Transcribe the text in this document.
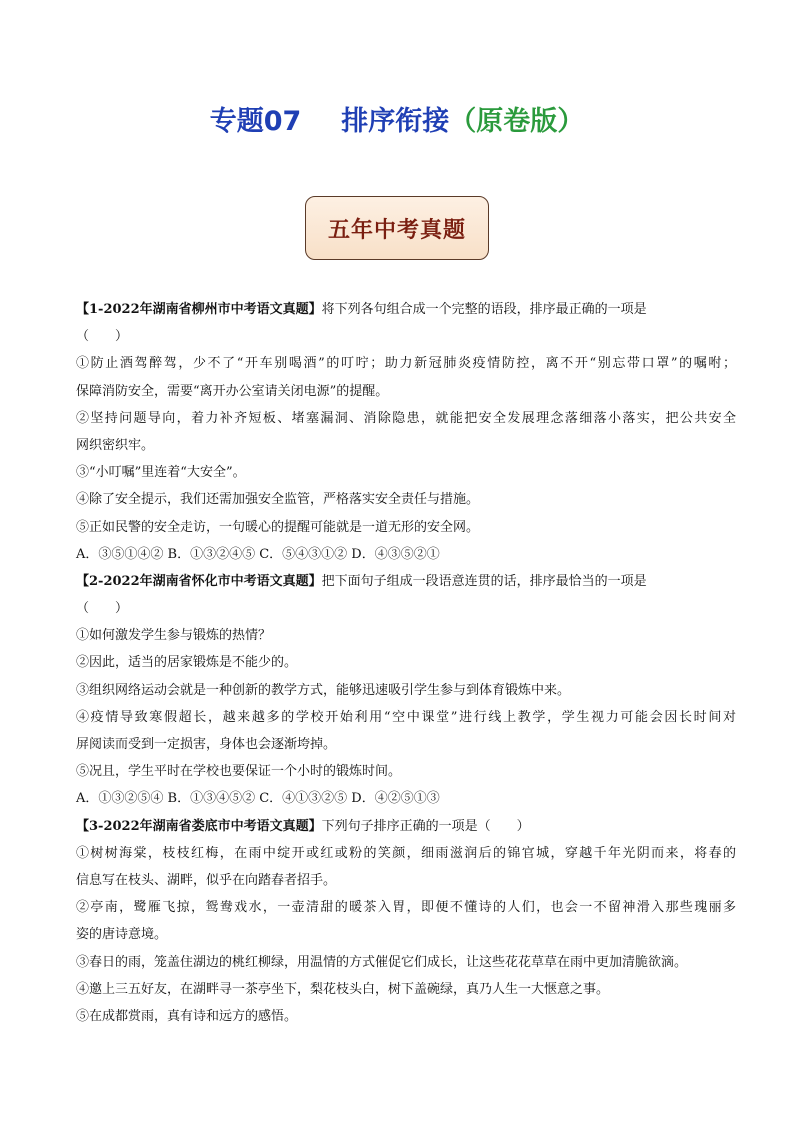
专题07 排序衔接（原卷版）
五年中考真题
【1-2022年湖南省柳州市中考语文真题】将下列各句组合成一个完整的语段，排序最正确的一项是
（　　）
①防止酒驾醉驾，少不了“开车别喝酒”的叮咛；助力新冠肺炎疫情防控，离不开“别忘带口罩”的嘱咐；
保障消防安全，需要“离开办公室请关闭电源”的提醒。
②坚持问题导向，着力补齐短板、堵塞漏洞、消除隐患，就能把安全发展理念落细落小落实，把公共安全
网织密织牢。
③“小叮嘱”里连着“大安全”。
④除了安全提示，我们还需加强安全监管，严格落实安全责任与措施。
⑤正如民警的安全走访，一句暖心的提醒可能就是一道无形的安全网。
A．③⑤①④② B．①③②④⑤ C．⑤④③①② D．④③⑤②①
【2-2022年湖南省怀化市中考语文真题】把下面句子组成一段语意连贯的话，排序最恰当的一项是
（　　）
①如何激发学生参与锻炼的热情？
②因此，适当的居家锻炼是不能少的。
③组织网络运动会就是一种创新的教学方式，能够迅速吸引学生参与到体育锻炼中来。
④疫情导致寒假超长，越来越多的学校开始利用“空中课堂”进行线上教学，学生视力可能会因长时间对
屏阅读而受到一定损害，身体也会逐渐垮掉。
⑤况且，学生平时在学校也要保证一个小时的锻炼时间。
A．①③②⑤④ B．①③④⑤② C．④①③②⑤ D．④②⑤①③
【3-2022年湖南省娄底市中考语文真题】下列句子排序正确的一项是（　　）
①树树海棠，枝枝红梅，在雨中绽开或红或粉的笑颜，细雨滋润后的锦官城，穿越千年光阴而来，将春的
信息写在枝头、湖畔，似乎在向踏春者招手。
②亭南，鹭雁飞掠，鸳鸯戏水，一壶清甜的暖茶入胃，即便不懂诗的人们，也会一不留神滑入那些瑰丽多
姿的唐诗意境。
③春日的雨，笼盖住湖边的桃红柳绿，用温情的方式催促它们成长，让这些花花草草在雨中更加清脆欲滴。
④邀上三五好友，在湖畔寻一茶亭坐下，梨花枝头白，树下盖碗绿，真乃人生一大惬意之事。
⑤在成都赏雨，真有诗和远方的感悟。
